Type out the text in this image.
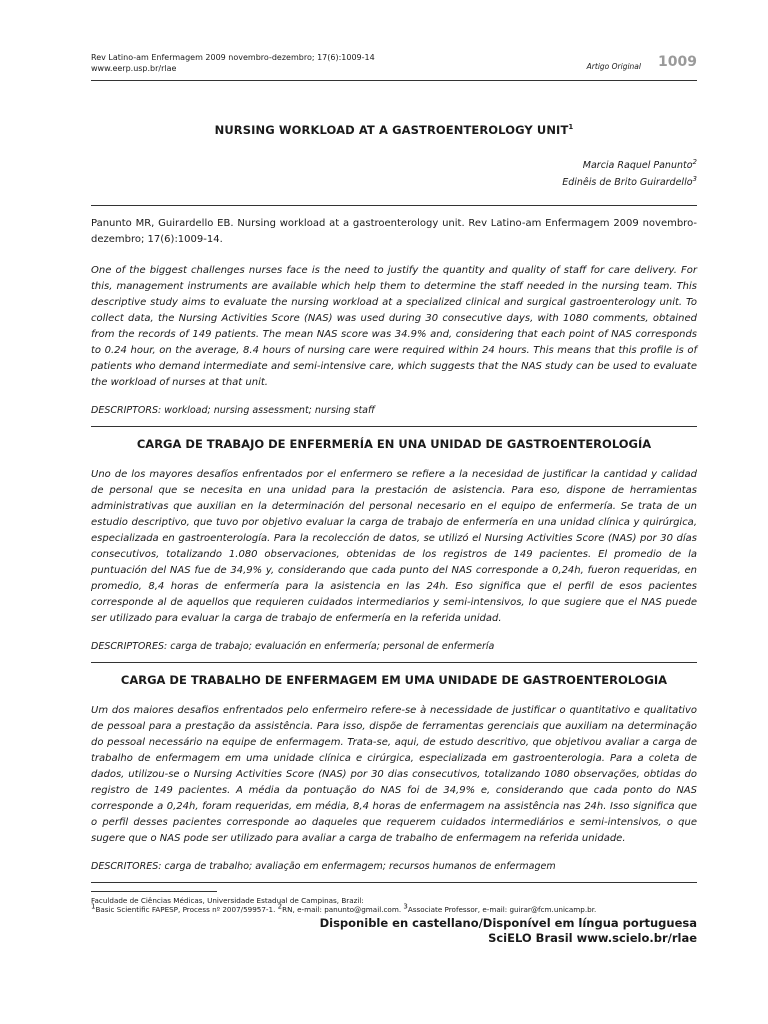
Rev Latino-am Enfermagem 2009 novembro-dezembro; 17(6):1009-14
www.eerp.usp.br/rlae	Artigo Original 1009
NURSING WORKLOAD AT A GASTROENTEROLOGY UNIT$^1$
Marcia Raquel Panunto$^2$
Edinêis de Brito Guirardello$^3$

Panunto MR, Guirardello EB. Nursing workload at a gastroenterology unit. Rev Latino-am Enfermagem 2009 novembro-dezembro; 17(6):1009-14.

One of the biggest challenges nurses face is the need to justify the quantity and quality of staff for care delivery. For this, management instruments are available which help them to determine the staff needed in the nursing team. This descriptive study aims to evaluate the nursing workload at a specialized clinical and surgical gastroenterology unit. To collect data, the Nursing Activities Score (NAS) was used during 30 consecutive days, with 1080 comments, obtained from the records of 149 patients. The mean NAS score was 34.9% and, considering that each point of NAS corresponds to 0.24 hour, on the average, 8.4 hours of nursing care were required within 24 hours. This means that this profile is of patients who demand intermediate and semi-intensive care, which suggests that the NAS study can be used to evaluate the workload of nurses at that unit.

DESCRIPTORS: workload; nursing assessment; nursing staff

CARGA DE TRABAJO DE ENFERMERÍA EN UNA UNIDAD DE GASTROENTEROLOGÍA

Uno de los mayores desafíos enfrentados por el enfermero se refiere a la necesidad de justificar la cantidad y calidad de personal que se necesita en una unidad para la prestación de asistencia. Para eso, dispone de herramientas administrativas que auxilian en la determinación del personal necesario en el equipo de enfermería. Se trata de un estudio descriptivo, que tuvo por objetivo evaluar la carga de trabajo de enfermería en una unidad clínica y quirúrgica, especializada en gastroenterología. Para la recolección de datos, se utilizó el Nursing Activities Score (NAS) por 30 días consecutivos, totalizando 1.080 observaciones, obtenidas de los registros de 149 pacientes. El promedio de la puntuación del NAS fue de 34,9% y, considerando que cada punto del NAS corresponde a 0,24h, fueron requeridas, en promedio, 8,4 horas de enfermería para la asistencia en las 24h. Eso significa que el perfil de esos pacientes corresponde al de aquellos que requieren cuidados intermediarios y semi-intensivos, lo que sugiere que el NAS puede ser utilizado para evaluar la carga de trabajo de enfermería en la referida unidad.

DESCRIPTORES: carga de trabajo; evaluación en enfermería; personal de enfermería

CARGA DE TRABALHO DE ENFERMAGEM EM UMA UNIDADE DE GASTROENTEROLOGIA

Um dos maiores desafios enfrentados pelo enfermeiro refere-se à necessidade de justificar o quantitativo e qualitativo de pessoal para a prestação da assistência. Para isso, dispõe de ferramentas gerenciais que auxiliam na determinação do pessoal necessário na equipe de enfermagem. Trata-se, aqui, de estudo descritivo, que objetivou avaliar a carga de trabalho de enfermagem em uma unidade clínica e cirúrgica, especializada em gastroenterologia. Para a coleta de dados, utilizou-se o Nursing Activities Score (NAS) por 30 dias consecutivos, totalizando 1080 observações, obtidas do registro de 149 pacientes. A média da pontuação do NAS foi de 34,9% e, considerando que cada ponto do NAS corresponde a 0,24h, foram requeridas, em média, 8,4 horas de enfermagem na assistência nas 24h. Isso significa que o perfil desses pacientes corresponde ao daqueles que requerem cuidados intermediários e semi-intensivos, o que sugere que o NAS pode ser utilizado para avaliar a carga de trabalho de enfermagem na referida unidade.

DESCRITORES: carga de trabalho; avaliação em enfermagem; recursos humanos de enfermagem

Faculdade de Ciências Médicas, Universidade Estadual de Campinas, Brazil:
$^1$Basic Scientific FAPESP, Process nº 2007/59957-1. $^2$RN, e-mail: panunto@gmail.com. $^3$Associate Professor, e-mail: guirar@fcm.unicamp.br.
Disponible en castellano/Disponível em língua portuguesa
SciELO Brasil www.scielo.br/rlae
